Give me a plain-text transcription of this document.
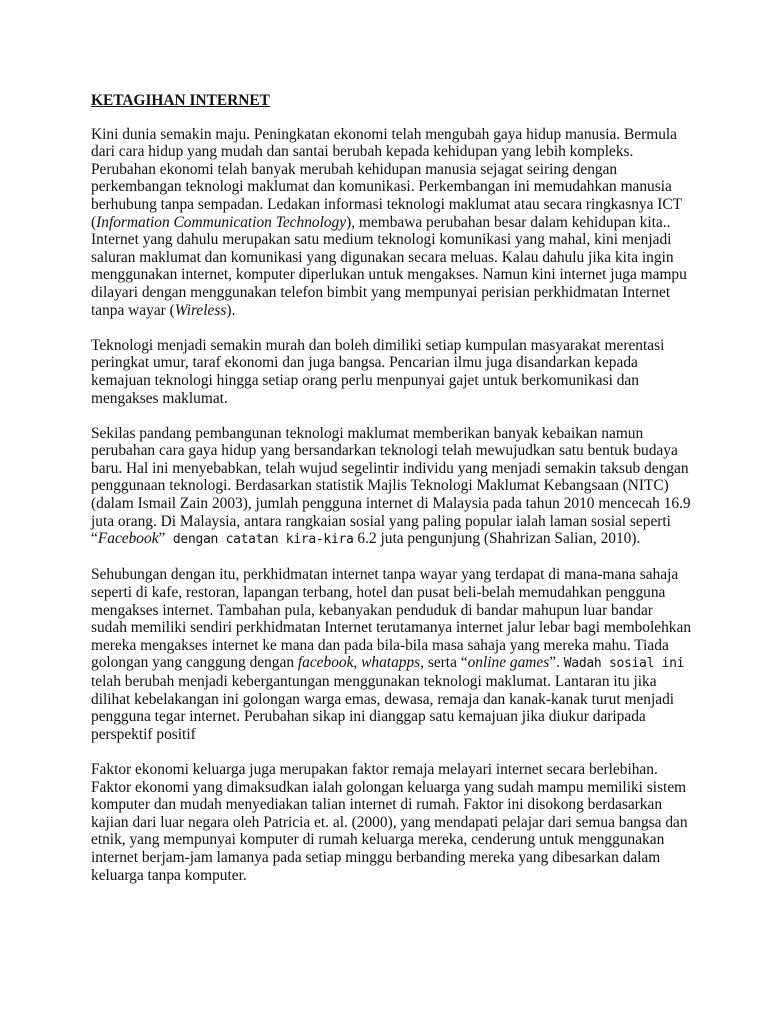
KETAGIHAN INTERNET
Kini dunia semakin maju. Peningkatan ekonomi telah mengubah gaya hidup manusia. Bermula
dari cara hidup yang mudah dan santai berubah kepada kehidupan yang lebih kompleks.
Perubahan ekonomi telah banyak merubah kehidupan manusia sejagat seiring dengan
perkembangan teknologi maklumat dan komunikasi. Perkembangan ini memudahkan manusia
berhubung tanpa sempadan. Ledakan informasi teknologi maklumat atau secara ringkasnya ICT
(Information Communication Technology), membawa perubahan besar dalam kehidupan kita..
Internet yang dahulu merupakan satu medium teknologi komunikasi yang mahal, kini menjadi
saluran maklumat dan komunikasi yang digunakan secara meluas. Kalau dahulu jika kita ingin
menggunakan internet, komputer diperlukan untuk mengakses. Namun kini internet juga mampu
dilayari dengan menggunakan telefon bimbit yang mempunyai perisian perkhidmatan Internet
tanpa wayar (Wireless).
Teknologi menjadi semakin murah dan boleh dimiliki setiap kumpulan masyarakat merentasi
peringkat umur, taraf ekonomi dan juga bangsa. Pencarian ilmu juga disandarkan kepada
kemajuan teknologi hingga setiap orang perlu menpunyai gajet untuk berkomunikasi dan
mengakses maklumat.
Sekilas pandang pembangunan teknologi maklumat memberikan banyak kebaikan namun
perubahan cara gaya hidup yang bersandarkan teknologi telah mewujudkan satu bentuk budaya
baru. Hal ini menyebabkan, telah wujud segelintir individu yang menjadi semakin taksub dengan
penggunaan teknologi. Berdasarkan statistik Majlis Teknologi Maklumat Kebangsaan (NITC)
(dalam Ismail Zain 2003), jumlah pengguna internet di Malaysia pada tahun 2010 mencecah 16.9
juta orang. Di Malaysia, antara rangkaian sosial yang paling popular ialah laman sosial seperti
“Facebook” dengan catatan kira-kira 6.2 juta pengunjung (Shahrizan Salian, 2010).
Sehubungan dengan itu, perkhidmatan internet tanpa wayar yang terdapat di mana-mana sahaja
seperti di kafe, restoran, lapangan terbang, hotel dan pusat beli-belah memudahkan pengguna
mengakses internet. Tambahan pula, kebanyakan penduduk di bandar mahupun luar bandar
sudah memiliki sendiri perkhidmatan Internet terutamanya internet jalur lebar bagi membolehkan
mereka mengakses internet ke mana dan pada bila-bila masa sahaja yang mereka mahu. Tiada
golongan yang canggung dengan facebook, whatapps, serta “online games”. Wadah sosial ini
telah berubah menjadi kebergantungan menggunakan teknologi maklumat. Lantaran itu jika
dilihat kebelakangan ini golongan warga emas, dewasa, remaja dan kanak-kanak turut menjadi
pengguna tegar internet. Perubahan sikap ini dianggap satu kemajuan jika diukur daripada
perspektif positif
Faktor ekonomi keluarga juga merupakan faktor remaja melayari internet secara berlebihan.
Faktor ekonomi yang dimaksudkan ialah golongan keluarga yang sudah mampu memiliki sistem
komputer dan mudah menyediakan talian internet di rumah. Faktor ini disokong berdasarkan
kajian dari luar negara oleh Patricia et. al. (2000), yang mendapati pelajar dari semua bangsa dan
etnik, yang mempunyai komputer di rumah keluarga mereka, cenderung untuk menggunakan
internet berjam-jam lamanya pada setiap minggu berbanding mereka yang dibesarkan dalam
keluarga tanpa komputer.
